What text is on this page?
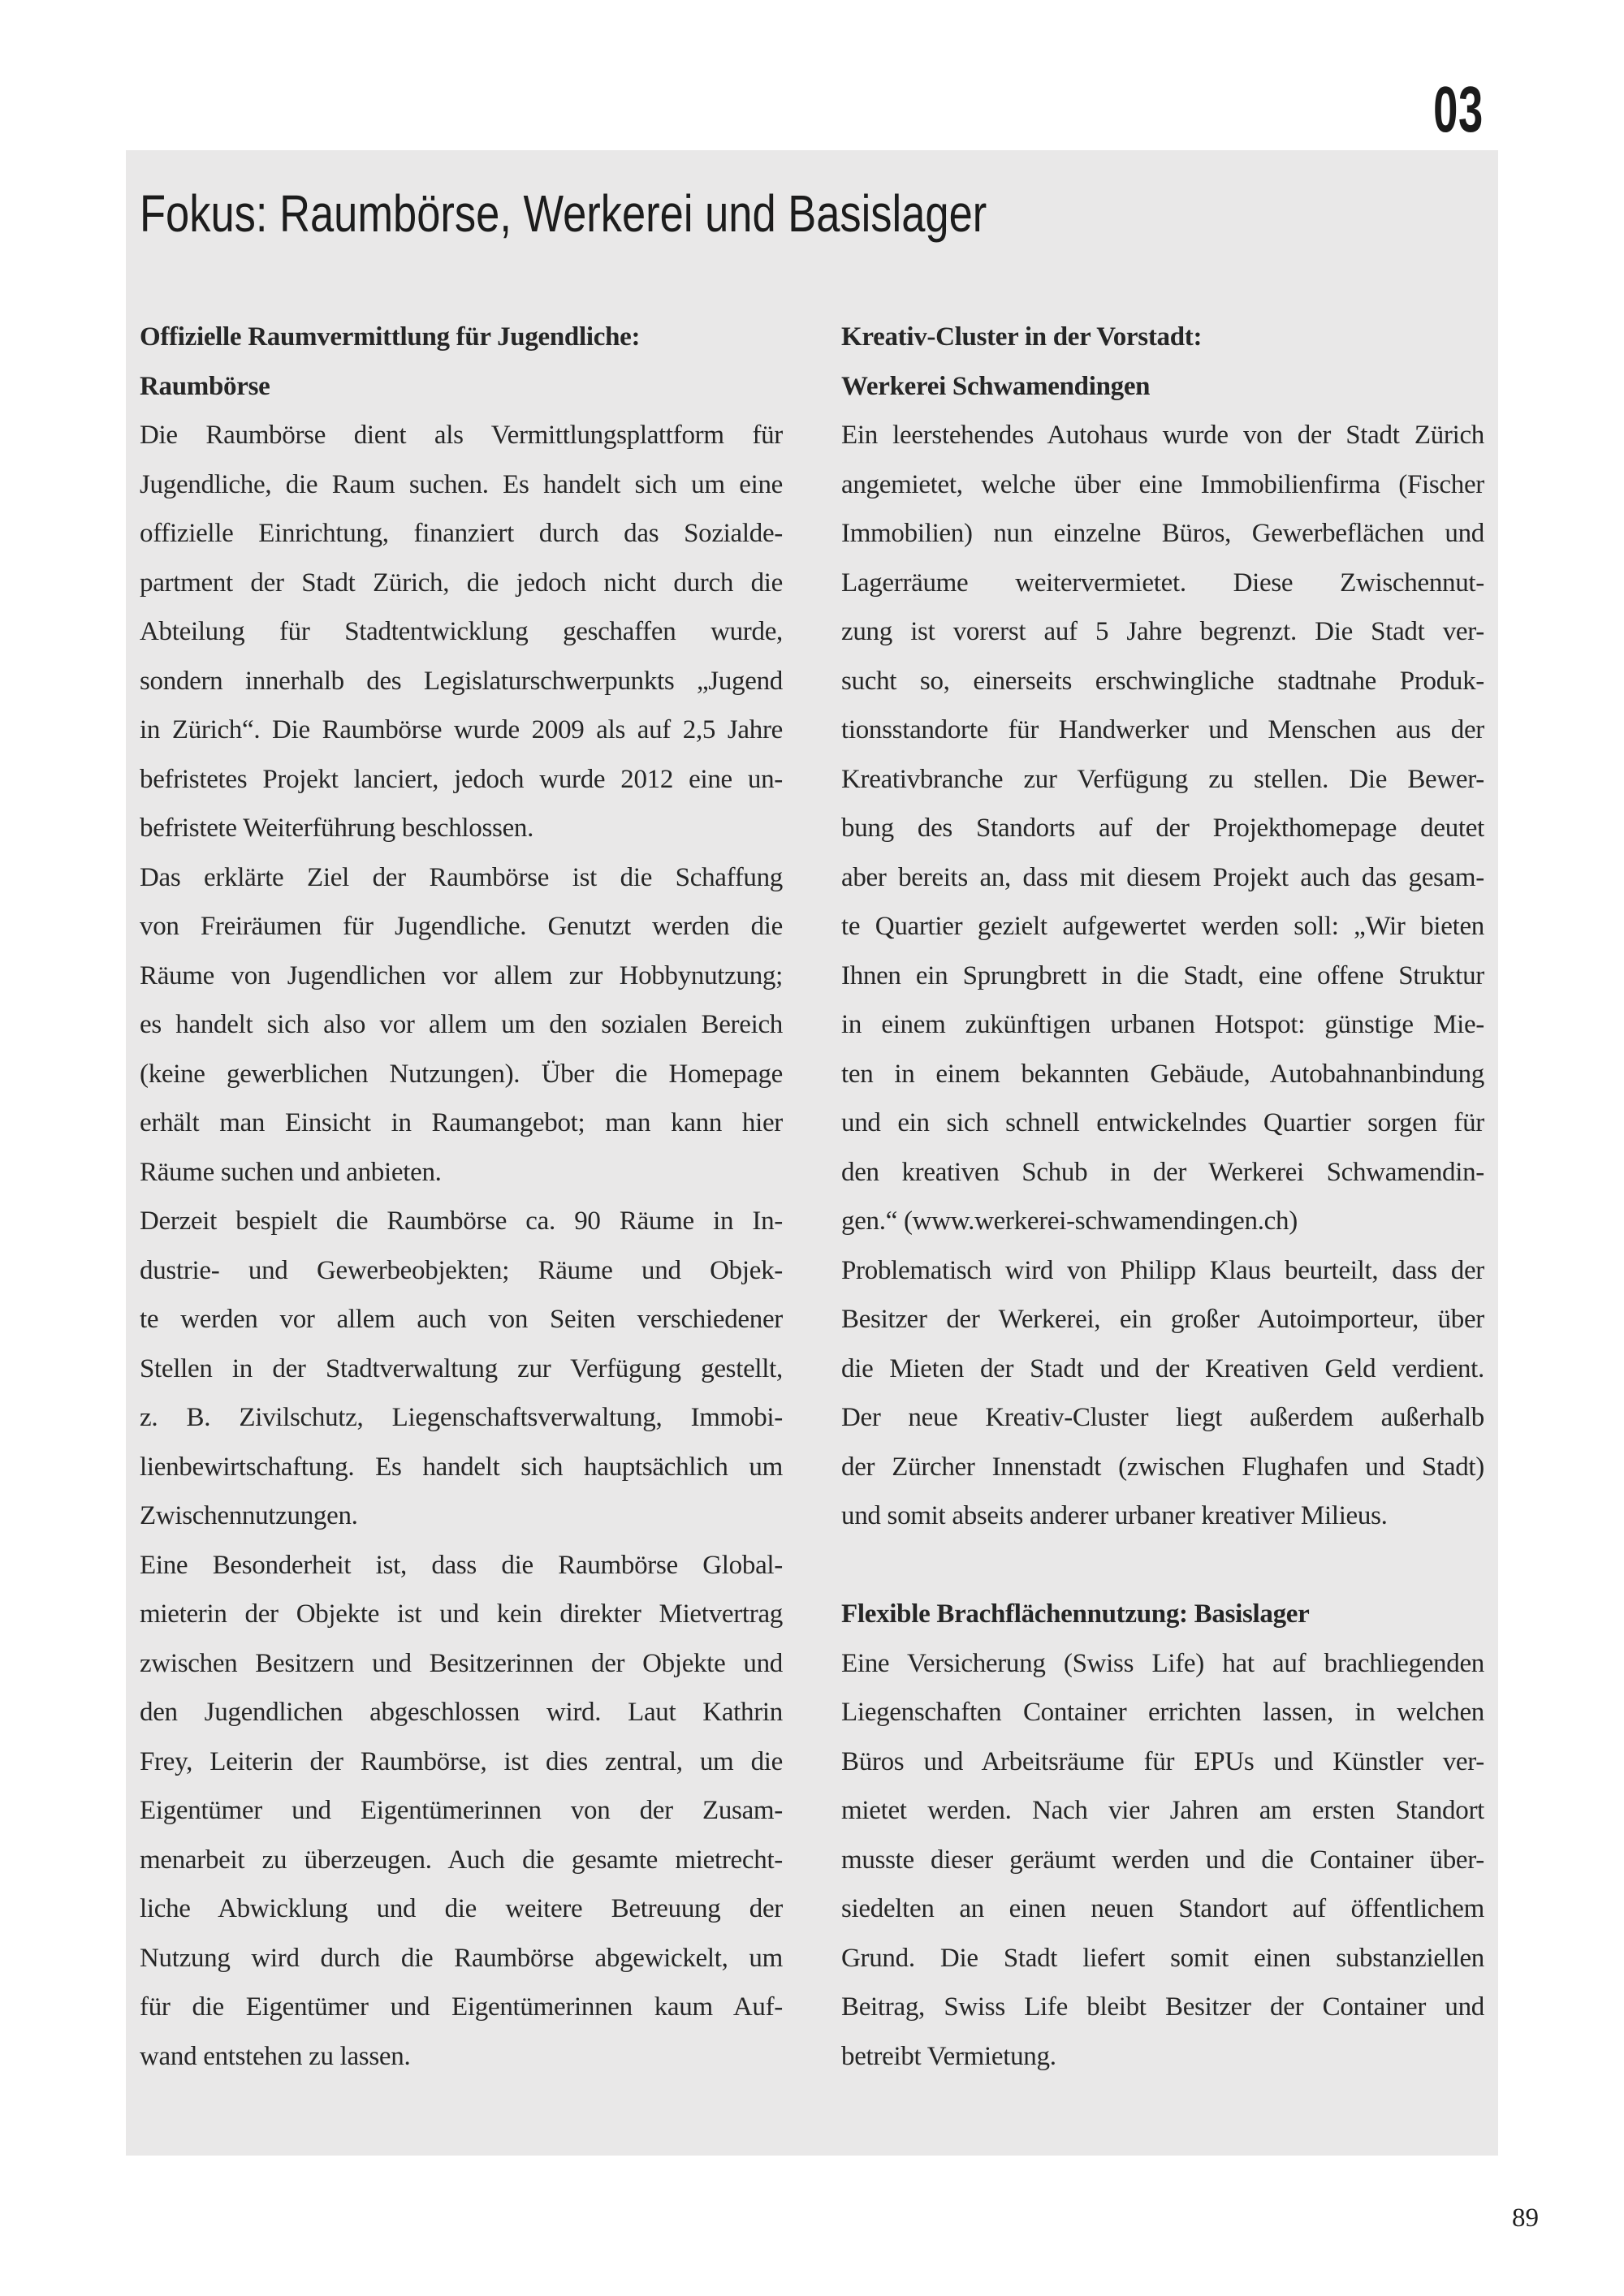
03
Fokus: Raumbörse, Werkerei und Basislager
Offizielle Raumvermittlung für Jugendliche:
Raumbörse
Die Raumbörse dient als Vermittlungsplattform für
Jugendliche, die Raum suchen. Es handelt sich um eine
offizielle Einrichtung, finanziert durch das Sozialde-
partment der Stadt Zürich, die jedoch nicht durch die
Abteilung für Stadtentwicklung geschaffen wurde,
sondern innerhalb des Legislaturschwerpunkts „Jugend
in Zürich“. Die Raumbörse wurde 2009 als auf 2,5 Jahre
befristetes Projekt lanciert, jedoch wurde 2012 eine un-
befristete Weiterführung beschlossen.
Das erklärte Ziel der Raumbörse ist die Schaffung
von Freiräumen für Jugendliche. Genutzt werden die
Räume von Jugendlichen vor allem zur Hobbynutzung;
es handelt sich also vor allem um den sozialen Bereich
(keine gewerblichen Nutzungen). Über die Homepage
erhält man Einsicht in Raumangebot; man kann hier
Räume suchen und anbieten.
Derzeit bespielt die Raumbörse ca. 90 Räume in In-
dustrie- und Gewerbeobjekten; Räume und Objek-
te werden vor allem auch von Seiten verschiedener
Stellen in der Stadtverwaltung zur Verfügung gestellt,
z. B. Zivilschutz, Liegenschaftsverwaltung, Immobi-
lienbewirtschaftung. Es handelt sich hauptsächlich um
Zwischennutzungen.
Eine Besonderheit ist, dass die Raumbörse Global-
mieterin der Objekte ist und kein direkter Mietvertrag
zwischen Besitzern und Besitzerinnen der Objekte und
den Jugendlichen abgeschlossen wird. Laut Kathrin
Frey, Leiterin der Raumbörse, ist dies zentral, um die
Eigentümer und Eigentümerinnen von der Zusam-
menarbeit zu überzeugen. Auch die gesamte mietrecht-
liche Abwicklung und die weitere Betreuung der
Nutzung wird durch die Raumbörse abgewickelt, um
für die Eigentümer und Eigentümerinnen kaum Auf-
wand entstehen zu lassen.
Kreativ-Cluster in der Vorstadt:
Werkerei Schwamendingen
Ein leerstehendes Autohaus wurde von der Stadt Zürich
angemietet, welche über eine Immobilienfirma (Fischer
Immobilien) nun einzelne Büros, Gewerbeflächen und
Lagerräume weitervermietet. Diese Zwischennut-
zung ist vorerst auf 5 Jahre begrenzt. Die Stadt ver-
sucht so, einerseits erschwingliche stadtnahe Produk-
tionsstandorte für Handwerker und Menschen aus der
Kreativbranche zur Verfügung zu stellen. Die Bewer-
bung des Standorts auf der Projekthomepage deutet
aber bereits an, dass mit diesem Projekt auch das gesam-
te Quartier gezielt aufgewertet werden soll: „Wir bieten
Ihnen ein Sprungbrett in die Stadt, eine offene Struktur
in einem zukünftigen urbanen Hotspot: günstige Mie-
ten in einem bekannten Gebäude, Autobahnanbindung
und ein sich schnell entwickelndes Quartier sorgen für
den kreativen Schub in der Werkerei Schwamendin-
gen.“ (www.werkerei-schwamendingen.ch)
Problematisch wird von Philipp Klaus beurteilt, dass der
Besitzer der Werkerei, ein großer Autoimporteur, über
die Mieten der Stadt und der Kreativen Geld verdient.
Der neue Kreativ-Cluster liegt außerdem außerhalb
der Zürcher Innenstadt (zwischen Flughafen und Stadt)
und somit abseits anderer urbaner kreativer Milieus.
Flexible Brachflächennutzung: Basislager
Eine Versicherung (Swiss Life) hat auf brachliegenden
Liegenschaften Container errichten lassen, in welchen
Büros und Arbeitsräume für EPUs und Künstler ver-
mietet werden. Nach vier Jahren am ersten Standort
musste dieser geräumt werden und die Container über-
siedelten an einen neuen Standort auf öffentlichem
Grund. Die Stadt liefert somit einen substanziellen
Beitrag, Swiss Life bleibt Besitzer der Container und
betreibt Vermietung.
89
